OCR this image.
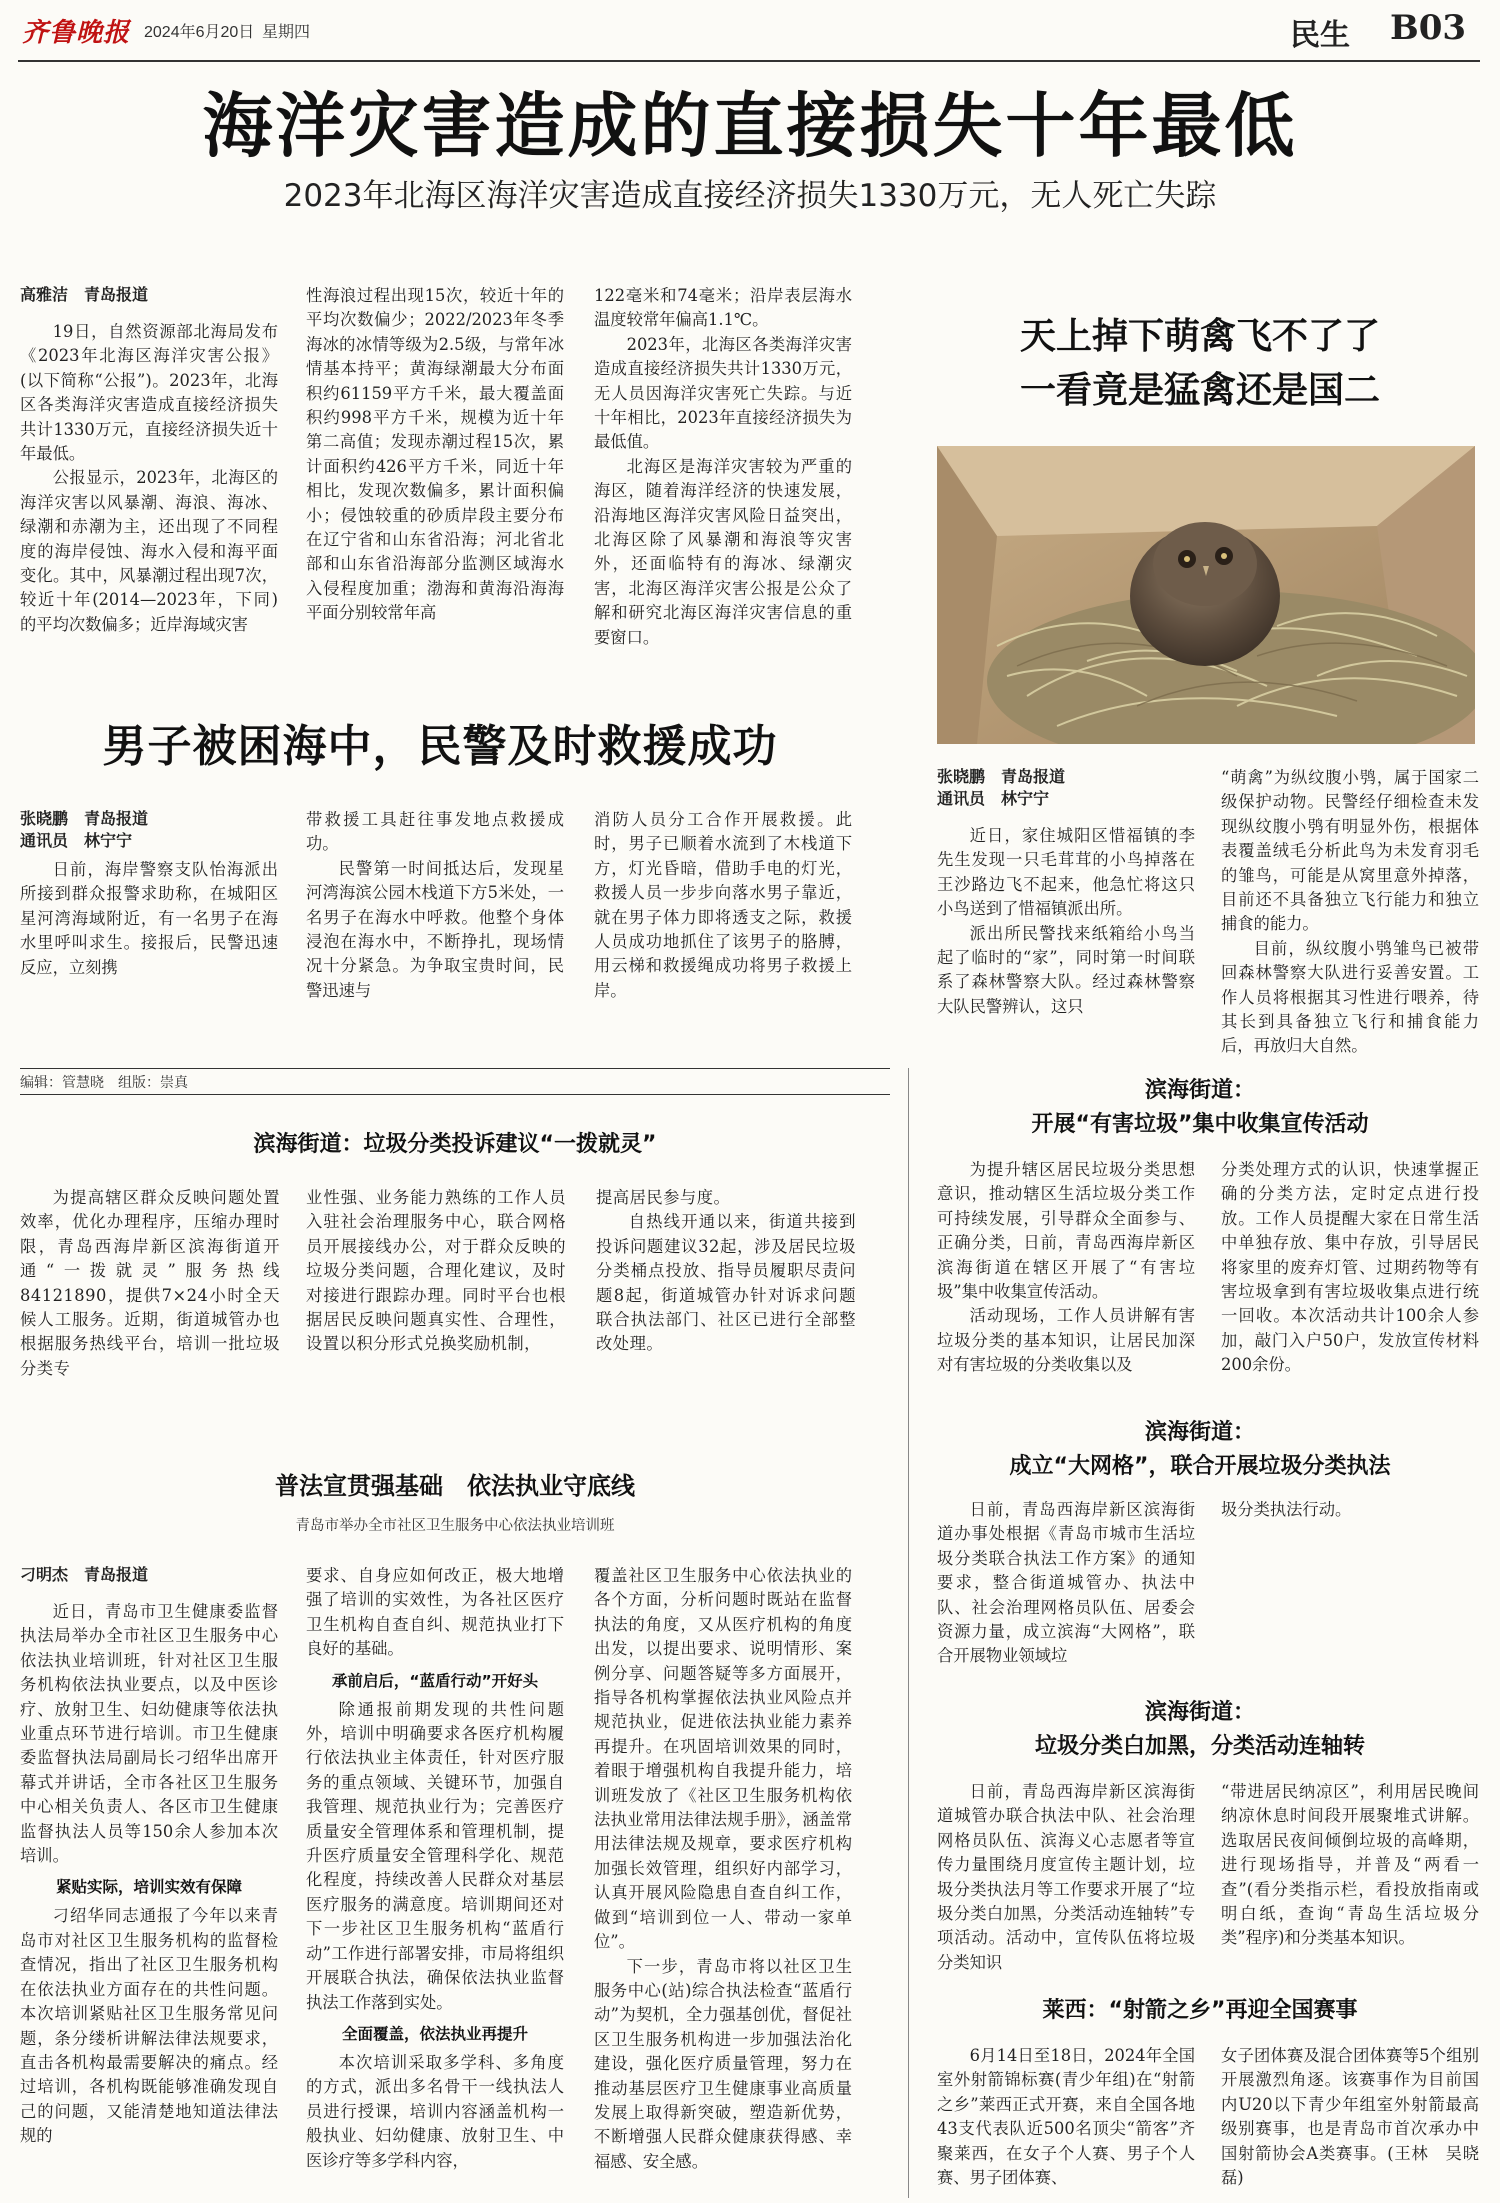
齐鲁晚报 2024年6月20日 星期四	民生 B03
海洋灾害造成的直接损失十年最低
2023年北海区海洋灾害造成直接经济损失1330万元，无人死亡失踪
高雅洁　青岛报道

19日，自然资源部北海局发布《2023年北海区海洋灾害公报》(以下简称“公报”)。2023年，北海区各类海洋灾害造成直接经济损失共计1330万元，直接经济损失近十年最低。

公报显示，2023年，北海区的海洋灾害以风暴潮、海浪、海冰、绿潮和赤潮为主，还出现了不同程度的海岸侵蚀、海水入侵和海平面变化。其中，风暴潮过程出现7次，较近十年(2014—2023年，下同)的平均次数偏多；近岸海域灾害

性海浪过程出现15次，较近十年的平均次数偏少；2022/2023年冬季海冰的冰情等级为2.5级，与常年冰情基本持平；黄海绿潮最大分布面积约61159平方千米，最大覆盖面积约998平方千米，规模为近十年第二高值；发现赤潮过程15次，累计面积约426平方千米，同近十年相比，发现次数偏多，累计面积偏小；侵蚀较重的砂质岸段主要分布在辽宁省和山东省沿海；河北省北部和山东省沿海部分监测区域海水入侵程度加重；渤海和黄海沿海海平面分别较常年高

122毫米和74毫米；沿岸表层海水温度较常年偏高1.1℃。

2023年，北海区各类海洋灾害造成直接经济损失共计1330万元，无人员因海洋灾害死亡失踪。与近十年相比，2023年直接经济损失为最低值。

北海区是海洋灾害较为严重的海区，随着海洋经济的快速发展，沿海地区海洋灾害风险日益突出，北海区除了风暴潮和海浪等灾害外，还面临特有的海冰、绿潮灾害，北海区海洋灾害公报是公众了解和研究北海区海洋灾害信息的重要窗口。

男子被困海中，民警及时救援成功
张晓鹏　青岛报道
通讯员　林宁宁

日前，海岸警察支队怡海派出所接到群众报警求助称，在城阳区星河湾海域附近，有一名男子在海水里呼叫求生。接报后，民警迅速反应，立刻携

带救援工具赶往事发地点救援成功。

民警第一时间抵达后，发现星河湾海滨公园木栈道下方5米处，一名男子在海水中呼救。他整个身体浸泡在海水中，不断挣扎，现场情况十分紧急。为争取宝贵时间，民警迅速与

消防人员分工合作开展救援。此时，男子已顺着水流到了木栈道下方，灯光昏暗，借助手电的灯光，救援人员一步步向落水男子靠近，就在男子体力即将透支之际，救援人员成功地抓住了该男子的胳膊，用云梯和救援绳成功将男子救援上岸。

天上掉下萌禽飞不了了
一看竟是猛禽还是国二
张晓鹏　青岛报道
通讯员　林宁宁

近日，家住城阳区惜福镇的李先生发现一只毛茸茸的小鸟掉落在王沙路边飞不起来，他急忙将这只小鸟送到了惜福镇派出所。

派出所民警找来纸箱给小鸟当起了临时的“家”，同时第一时间联系了森林警察大队。经过森林警察大队民警辨认，这只

“萌禽”为纵纹腹小鸮，属于国家二级保护动物。民警经仔细检查未发现纵纹腹小鸮有明显外伤，根据体表覆盖绒毛分析此鸟为未发育羽毛的雏鸟，可能是从窝里意外掉落，目前还不具备独立飞行能力和独立捕食的能力。

目前，纵纹腹小鸮雏鸟已被带回森林警察大队进行妥善安置。工作人员将根据其习性进行喂养，待其长到具备独立飞行和捕食能力后，再放归大自然。

编辑：管慧晓　组版：崇真
滨海街道：垃圾分类投诉建议“一拨就灵”

为提高辖区群众反映问题处置效率，优化办理程序，压缩办理时限，青岛西海岸新区滨海街道开通“一拨就灵”服务热线84121890，提供7×24小时全天候人工服务。近期，街道城管办也根据服务热线平台，培训一批垃圾分类专

业性强、业务能力熟练的工作人员入驻社会治理服务中心，联合网格员开展接线办公，对于群众反映的垃圾分类问题，合理化建议，及时对接进行跟踪办理。同时平台也根据居民反映问题真实性、合理性，设置以积分形式兑换奖励机制，

提高居民参与度。

自热线开通以来，街道共接到投诉问题建议32起，涉及居民垃圾分类桶点投放、指导员履职尽责问题8起，街道城管办针对诉求问题联合执法部门、社区已进行全部整改处理。

滨海街道：
开展“有害垃圾”集中收集宣传活动

为提升辖区居民垃圾分类思想意识，推动辖区生活垃圾分类工作可持续发展，引导群众全面参与、正确分类，日前，青岛西海岸新区滨海街道在辖区开展了“有害垃圾”集中收集宣传活动。

活动现场，工作人员讲解有害垃圾分类的基本知识，让居民加深对有害垃圾的分类收集以及

分类处理方式的认识，快速掌握正确的分类方法，定时定点进行投放。工作人员提醒大家在日常生活中单独存放、集中存放，引导居民将家里的废弃灯管、过期药物等有害垃圾拿到有害垃圾收集点进行统一回收。本次活动共计100余人参加，敲门入户50户，发放宣传材料200余份。

滨海街道：
成立“大网格”，联合开展垃圾分类执法

日前，青岛西海岸新区滨海街道办事处根据《青岛市城市生活垃圾分类联合执法工作方案》的通知要求，整合街道城管办、执法中队、社会治理网格员队伍、居委会资源力量，成立滨海“大网格”，联合开展物业领域垃

圾分类执法行动。

滨海街道：
垃圾分类白加黑，分类活动连轴转

日前，青岛西海岸新区滨海街道城管办联合执法中队、社会治理网格员队伍、滨海义心志愿者等宣传力量围绕月度宣传主题计划，垃圾分类执法月等工作要求开展了“垃圾分类白加黑，分类活动连轴转”专项活动。活动中，宣传队伍将垃圾分类知识

“带进居民纳凉区”，利用居民晚间纳凉休息时间段开展聚堆式讲解。选取居民夜间倾倒垃圾的高峰期，进行现场指导，并普及“两看一查”(看分类指示栏，看投放指南或明白纸，查询“青岛生活垃圾分类”程序)和分类基本知识。

莱西：“射箭之乡”再迎全国赛事

6月14日至18日，2024年全国室外射箭锦标赛(青少年组)在“射箭之乡”莱西正式开赛，来自全国各地43支代表队近500名顶尖“箭客”齐聚莱西，在女子个人赛、男子个人赛、男子团体赛、

女子团体赛及混合团体赛等5个组别开展激烈角逐。该赛事作为目前国内U20以下青少年组室外射箭最高级别赛事，也是青岛市首次承办中国射箭协会A类赛事。(王林　吴晓磊)

普法宣贯强基础　依法执业守底线
青岛市举办全市社区卫生服务中心依法执业培训班
刁明杰　青岛报道

近日，青岛市卫生健康委监督执法局举办全市社区卫生服务中心依法执业培训班，针对社区卫生服务机构依法执业要点，以及中医诊疗、放射卫生、妇幼健康等依法执业重点环节进行培训。市卫生健康委监督执法局副局长刁绍华出席开幕式并讲话，全市各社区卫生服务中心相关负责人、各区市卫生健康监督执法人员等150余人参加本次培训。

紧贴实际，培训实效有保障

刁绍华同志通报了今年以来青岛市对社区卫生服务机构的监督检查情况，指出了社区卫生服务机构在依法执业方面存在的共性问题。本次培训紧贴社区卫生服务常见问题，条分缕析讲解法律法规要求，直击各机构最需要解决的痛点。经过培训，各机构既能够准确发现自己的问题，又能清楚地知道法律法规的

要求、自身应如何改正，极大地增强了培训的实效性，为各社区医疗卫生机构自查自纠、规范执业打下良好的基础。

承前启后，“蓝盾行动”开好头

除通报前期发现的共性问题外，培训中明确要求各医疗机构履行依法执业主体责任，针对医疗服务的重点领域、关键环节，加强自我管理、规范执业行为；完善医疗质量安全管理体系和管理机制，提升医疗质量安全管理科学化、规范化程度，持续改善人民群众对基层医疗服务的满意度。培训期间还对下一步社区卫生服务机构“蓝盾行动”工作进行部署安排，市局将组织开展联合执法，确保依法执业监督执法工作落到实处。

全面覆盖，依法执业再提升

本次培训采取多学科、多角度的方式，派出多名骨干一线执法人员进行授课，培训内容涵盖机构一般执业、妇幼健康、放射卫生、中医诊疗等多学科内容，

覆盖社区卫生服务中心依法执业的各个方面，分析问题时既站在监督执法的角度，又从医疗机构的角度出发，以提出要求、说明情形、案例分享、问题答疑等多方面展开，指导各机构掌握依法执业风险点并规范执业，促进依法执业能力素养再提升。在巩固培训效果的同时，着眼于增强机构自我提升能力，培训班发放了《社区卫生服务机构依法执业常用法律法规手册》，涵盖常用法律法规及规章，要求医疗机构加强长效管理，组织好内部学习，认真开展风险隐患自查自纠工作，做到“培训到位一人、带动一家单位”。

下一步，青岛市将以社区卫生服务中心(站)综合执法检查“蓝盾行动”为契机，全力强基创优，督促社区卫生服务机构进一步加强法治化建设，强化医疗质量管理，努力在推动基层医疗卫生健康事业高质量发展上取得新突破，塑造新优势，不断增强人民群众健康获得感、幸福感、安全感。
